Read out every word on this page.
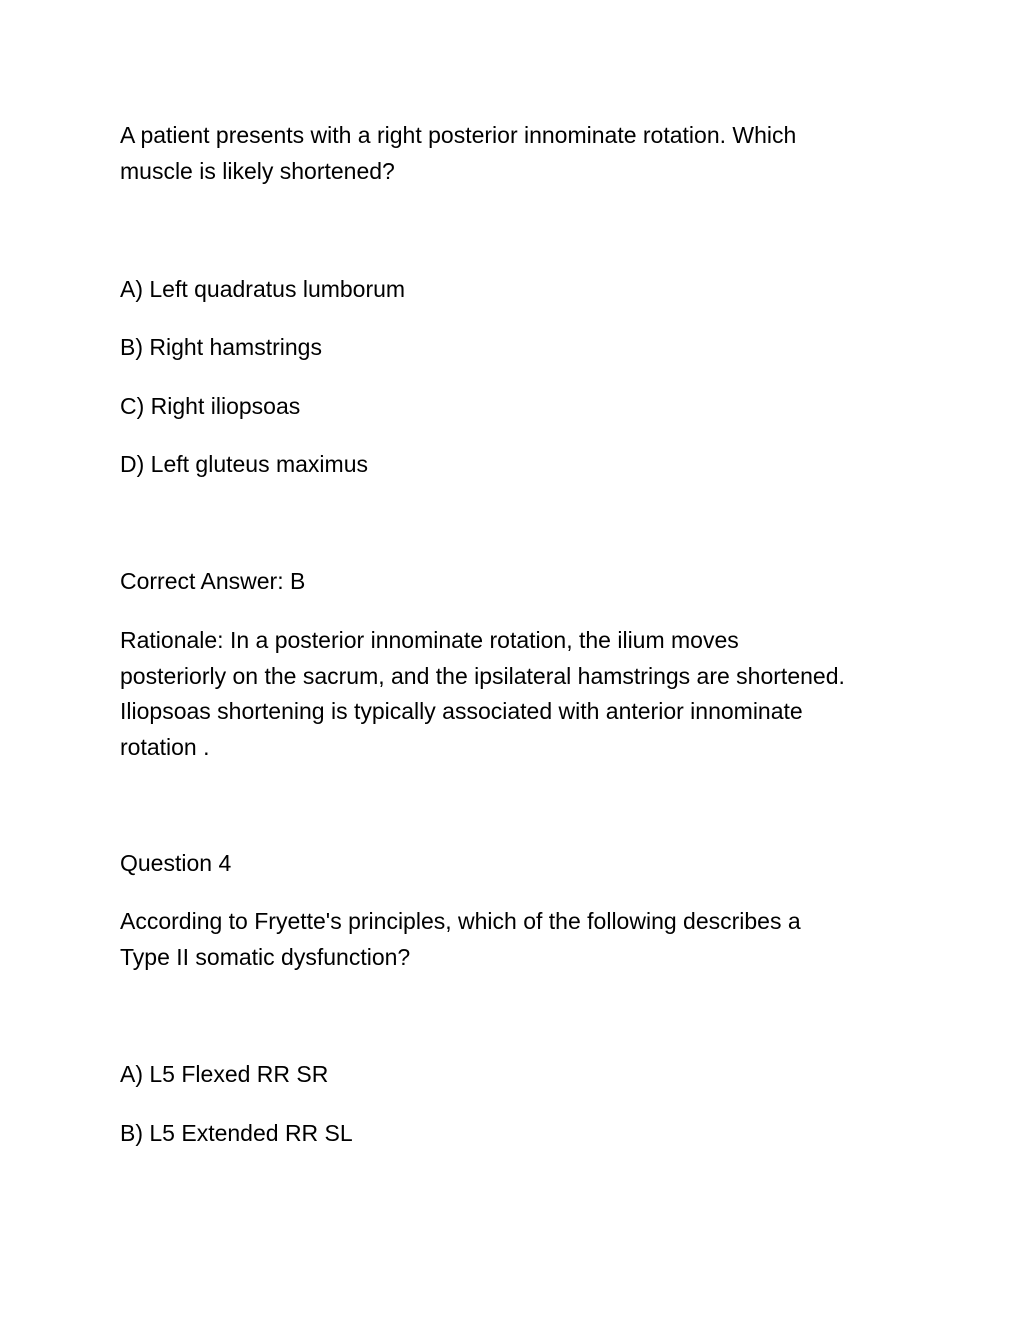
A patient presents with a right posterior innominate rotation. Which
muscle is likely shortened?

A) Left quadratus lumborum

B) Right hamstrings

C) Right iliopsoas

D) Left gluteus maximus

Correct Answer: B

Rationale: In a posterior innominate rotation, the ilium moves
posteriorly on the sacrum, and the ipsilateral hamstrings are shortened.
Iliopsoas shortening is typically associated with anterior innominate
rotation .

Question 4

According to Fryette's principles, which of the following describes a
Type II somatic dysfunction?

A) L5 Flexed RR SR

B) L5 Extended RR SL
